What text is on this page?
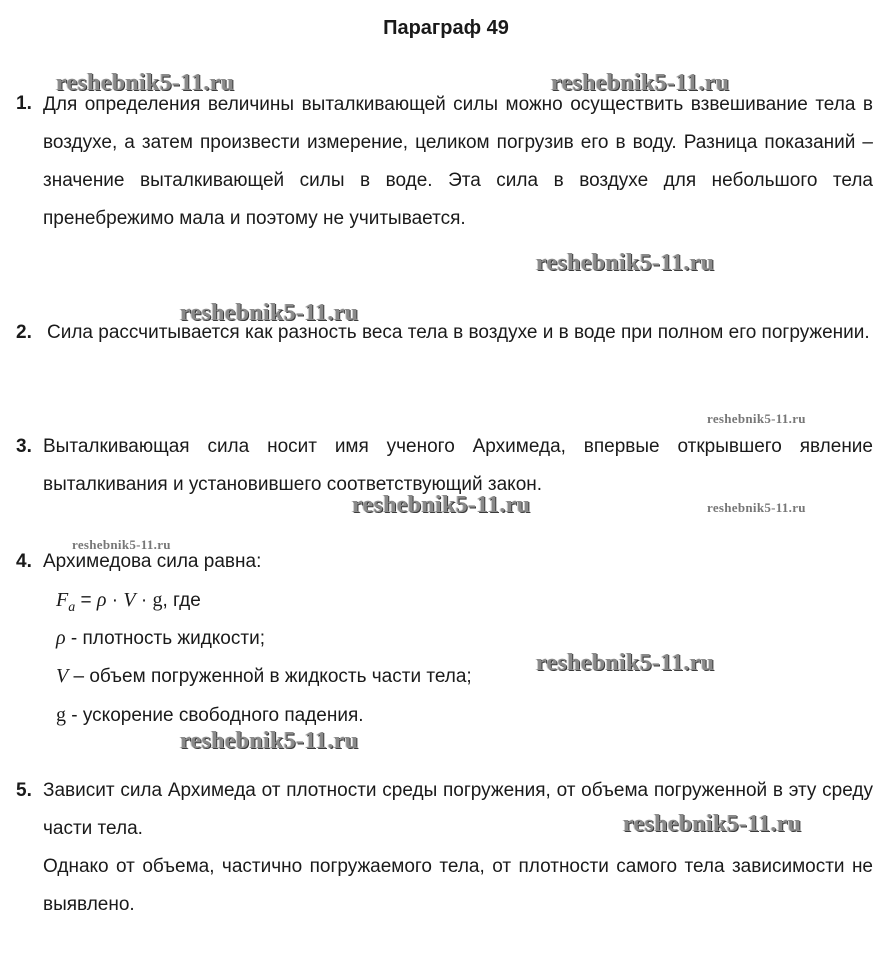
Параграф 49
1. Для определения величины выталкивающей силы можно осуществить взвешивание тела в воздухе, а затем произвести измерение, целиком погрузив его в воду. Разница показаний – значение выталкивающей силы в воде. Эта сила в воздухе для небольшого тела пренебрежимо мала и поэтому не учитывается.
2. Сила рассчитывается как разность веса тела в воздухе и в воде при полном его погружении.
3. Выталкивающая сила носит имя ученого Архимеда, впервые открывшего явление выталкивания и установившего соответствующий закон.
4. Архимедова сила равна:
$F_a = \rho \cdot V \cdot g$, где
ρ - плотность жидкости;
V – объем погруженной в жидкость части тела;
g - ускорение свободного падения.
5. Зависит сила Архимеда от плотности среды погружения, от объема погруженной в эту среду части тела.
Однако от объема, частично погружаемого тела, от плотности самого тела зависимости не выявлено.
reshebnik5-11.ru	reshebnik5-11.ru
reshebnik5-11.ru
reshebnik5-11.ru
reshebnik5-11.ru
reshebnik5-11.ru	reshebnik5-11.ru
reshebnik5-11.ru
reshebnik5-11.ru
reshebnik5-11.ru
reshebnik5-11.ru
